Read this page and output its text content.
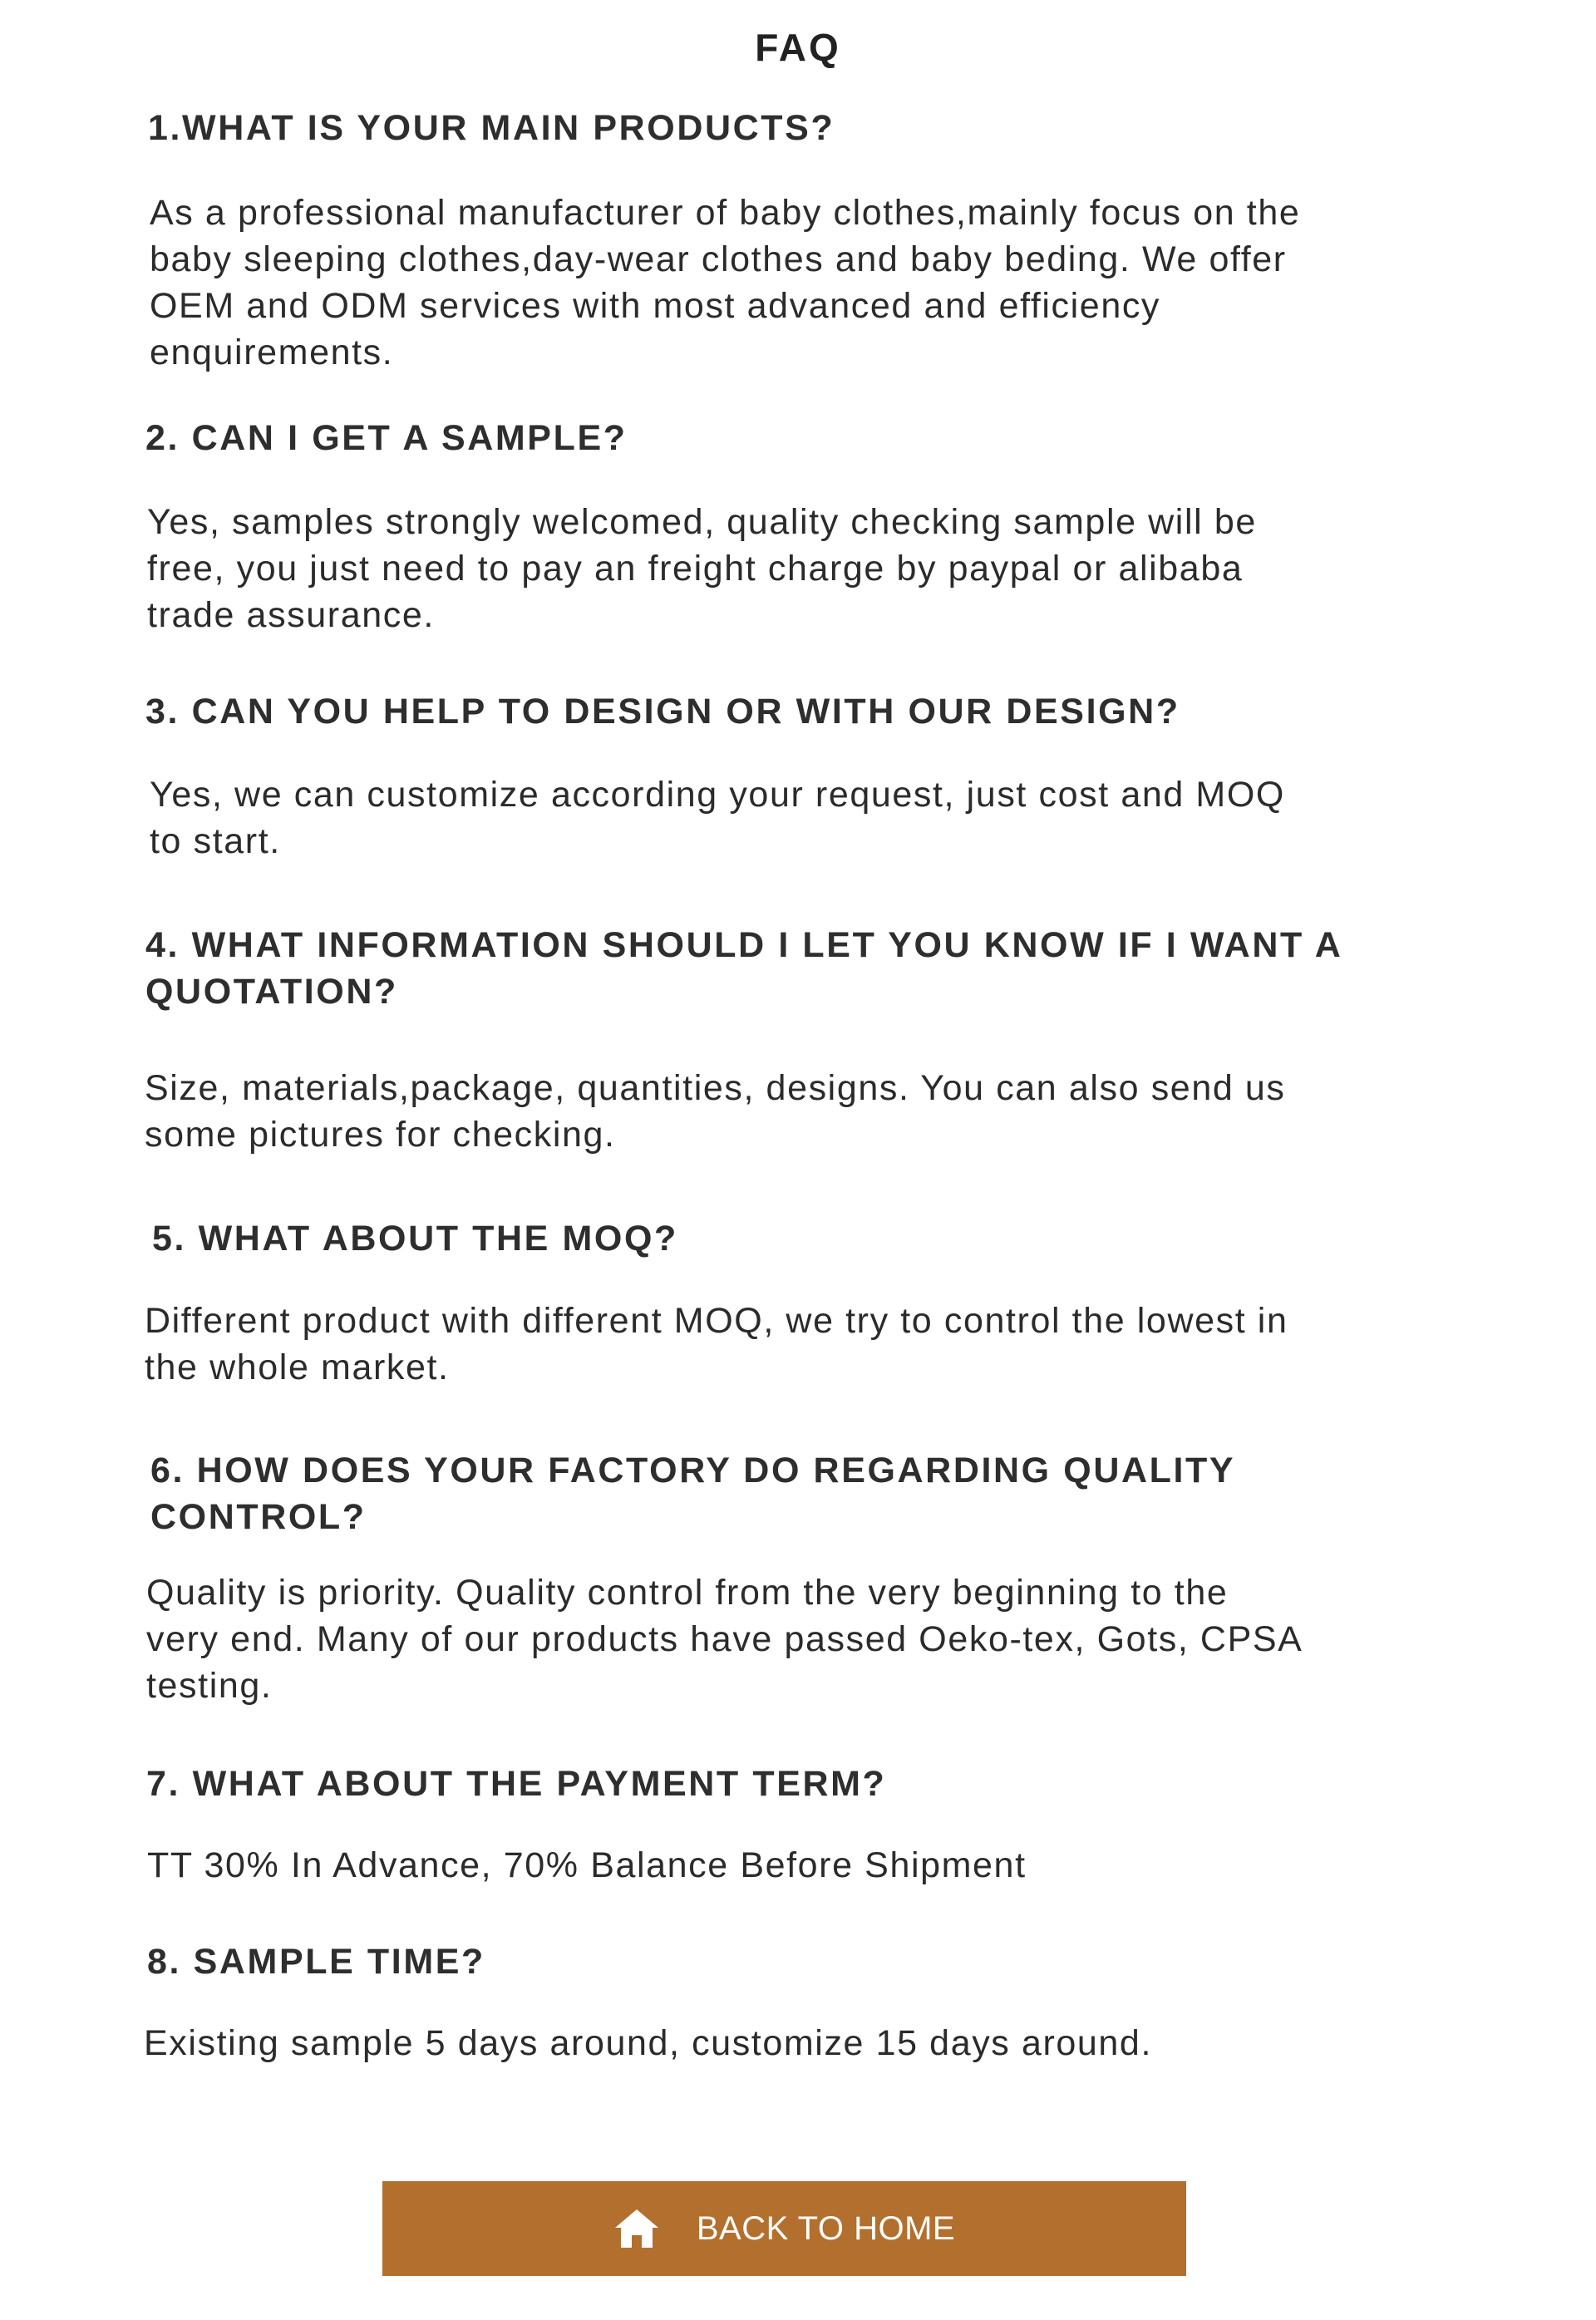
FAQ

1.WHAT IS YOUR MAIN PRODUCTS?

As a professional manufacturer of baby clothes,mainly focus on the
baby sleeping clothes,day-wear clothes and baby beding. We offer
OEM and ODM services with most advanced and efficiency
enquirements.

2. CAN I GET A SAMPLE?

Yes, samples strongly welcomed, quality checking sample will be
free, you just need to pay an freight charge by paypal or alibaba
trade assurance.

3. CAN YOU HELP TO DESIGN OR WITH OUR DESIGN?

Yes, we can customize according your request, just cost and MOQ
to start.
4. WHAT INFORMATION SHOULD I LET YOU KNOW IF I WANT A
QUOTATION?
Size, materials,package, quantities, designs. You can also send us
some pictures for checking.

5. WHAT ABOUT THE MOQ?

Different product with different MOQ, we try to control the lowest in
the whole market.
6. HOW DOES YOUR FACTORY DO REGARDING QUALITY
CONTROL?
Quality is priority. Quality control from the very beginning to the
very end. Many of our products have passed Oeko-tex, Gots, CPSA
testing.

7. WHAT ABOUT THE PAYMENT TERM?

TT 30% In Advance, 70% Balance Before Shipment

8. SAMPLE TIME?

Existing sample 5 days around, customize 15 days around.
BACK TO HOME
